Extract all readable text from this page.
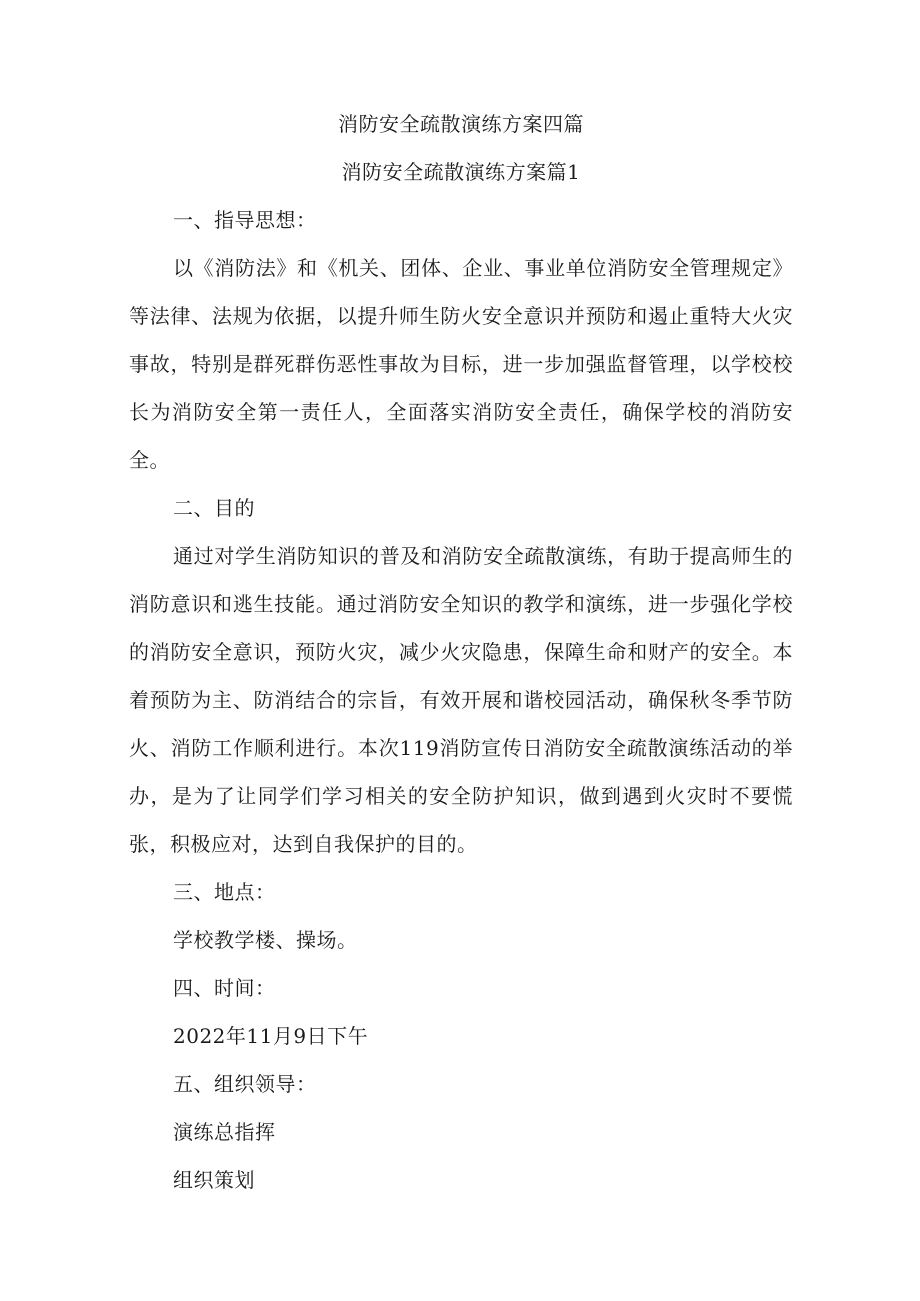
消防安全疏散演练方案四篇

消防安全疏散演练方案篇1

一、指导思想：

以《消防法》和《机关、团体、企业、事业单位消防安全管理规定》等法律、法规为依据，以提升师生防火安全意识并预防和遏止重特大火灾事故，特别是群死群伤恶性事故为目标，进一步加强监督管理，以学校校长为消防安全第一责任人，全面落实消防安全责任，确保学校的消防安全。

二、目的

通过对学生消防知识的普及和消防安全疏散演练，有助于提高师生的消防意识和逃生技能。通过消防安全知识的教学和演练，进一步强化学校的消防安全意识，预防火灾，减少火灾隐患，保障生命和财产的安全。本着预防为主、防消结合的宗旨，有效开展和谐校园活动，确保秋冬季节防火、消防工作顺利进行。本次119消防宣传日消防安全疏散演练活动的举办，是为了让同学们学习相关的安全防护知识，做到遇到火灾时不要慌张，积极应对，达到自我保护的目的。

三、地点：

学校教学楼、操场。

四、时间：

2022年11月9日下午

五、组织领导：

演练总指挥

组织策划
